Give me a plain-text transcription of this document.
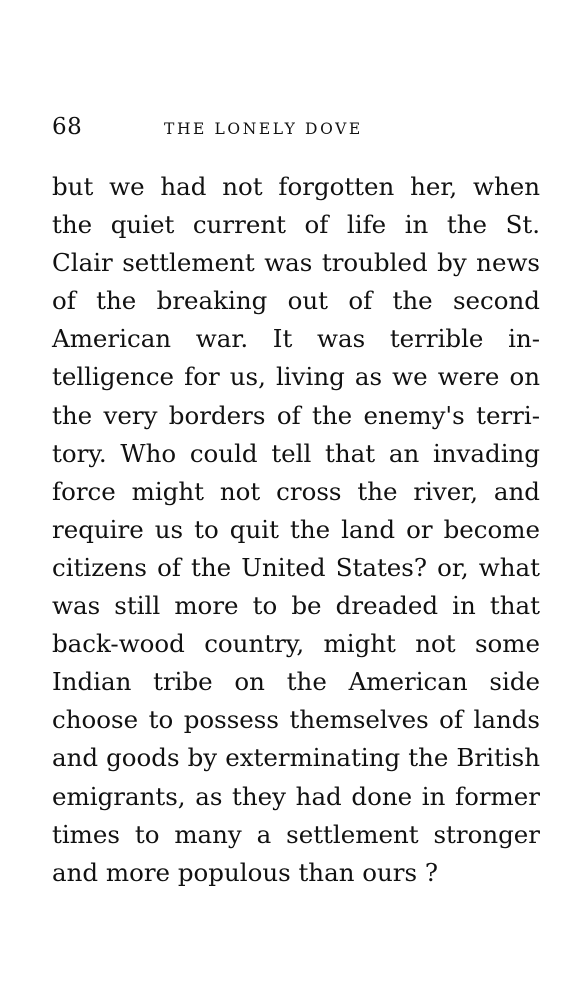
68	THE LONELY DOVE
but we had not forgotten her, when
the quiet current of life in the St.
Clair settlement was troubled by news
of the breaking out of the second
American war. It was terrible in-
telligence for us, living as we were on
the very borders of the enemy's terri-
tory. Who could tell that an invading
force might not cross the river, and
require us to quit the land or become
citizens of the United States? or, what
was still more to be dreaded in that
back-wood country, might not some
Indian tribe on the American side
choose to possess themselves of lands
and goods by exterminating the British
emigrants, as they had done in former
times to many a settlement stronger
and more populous than ours ?
